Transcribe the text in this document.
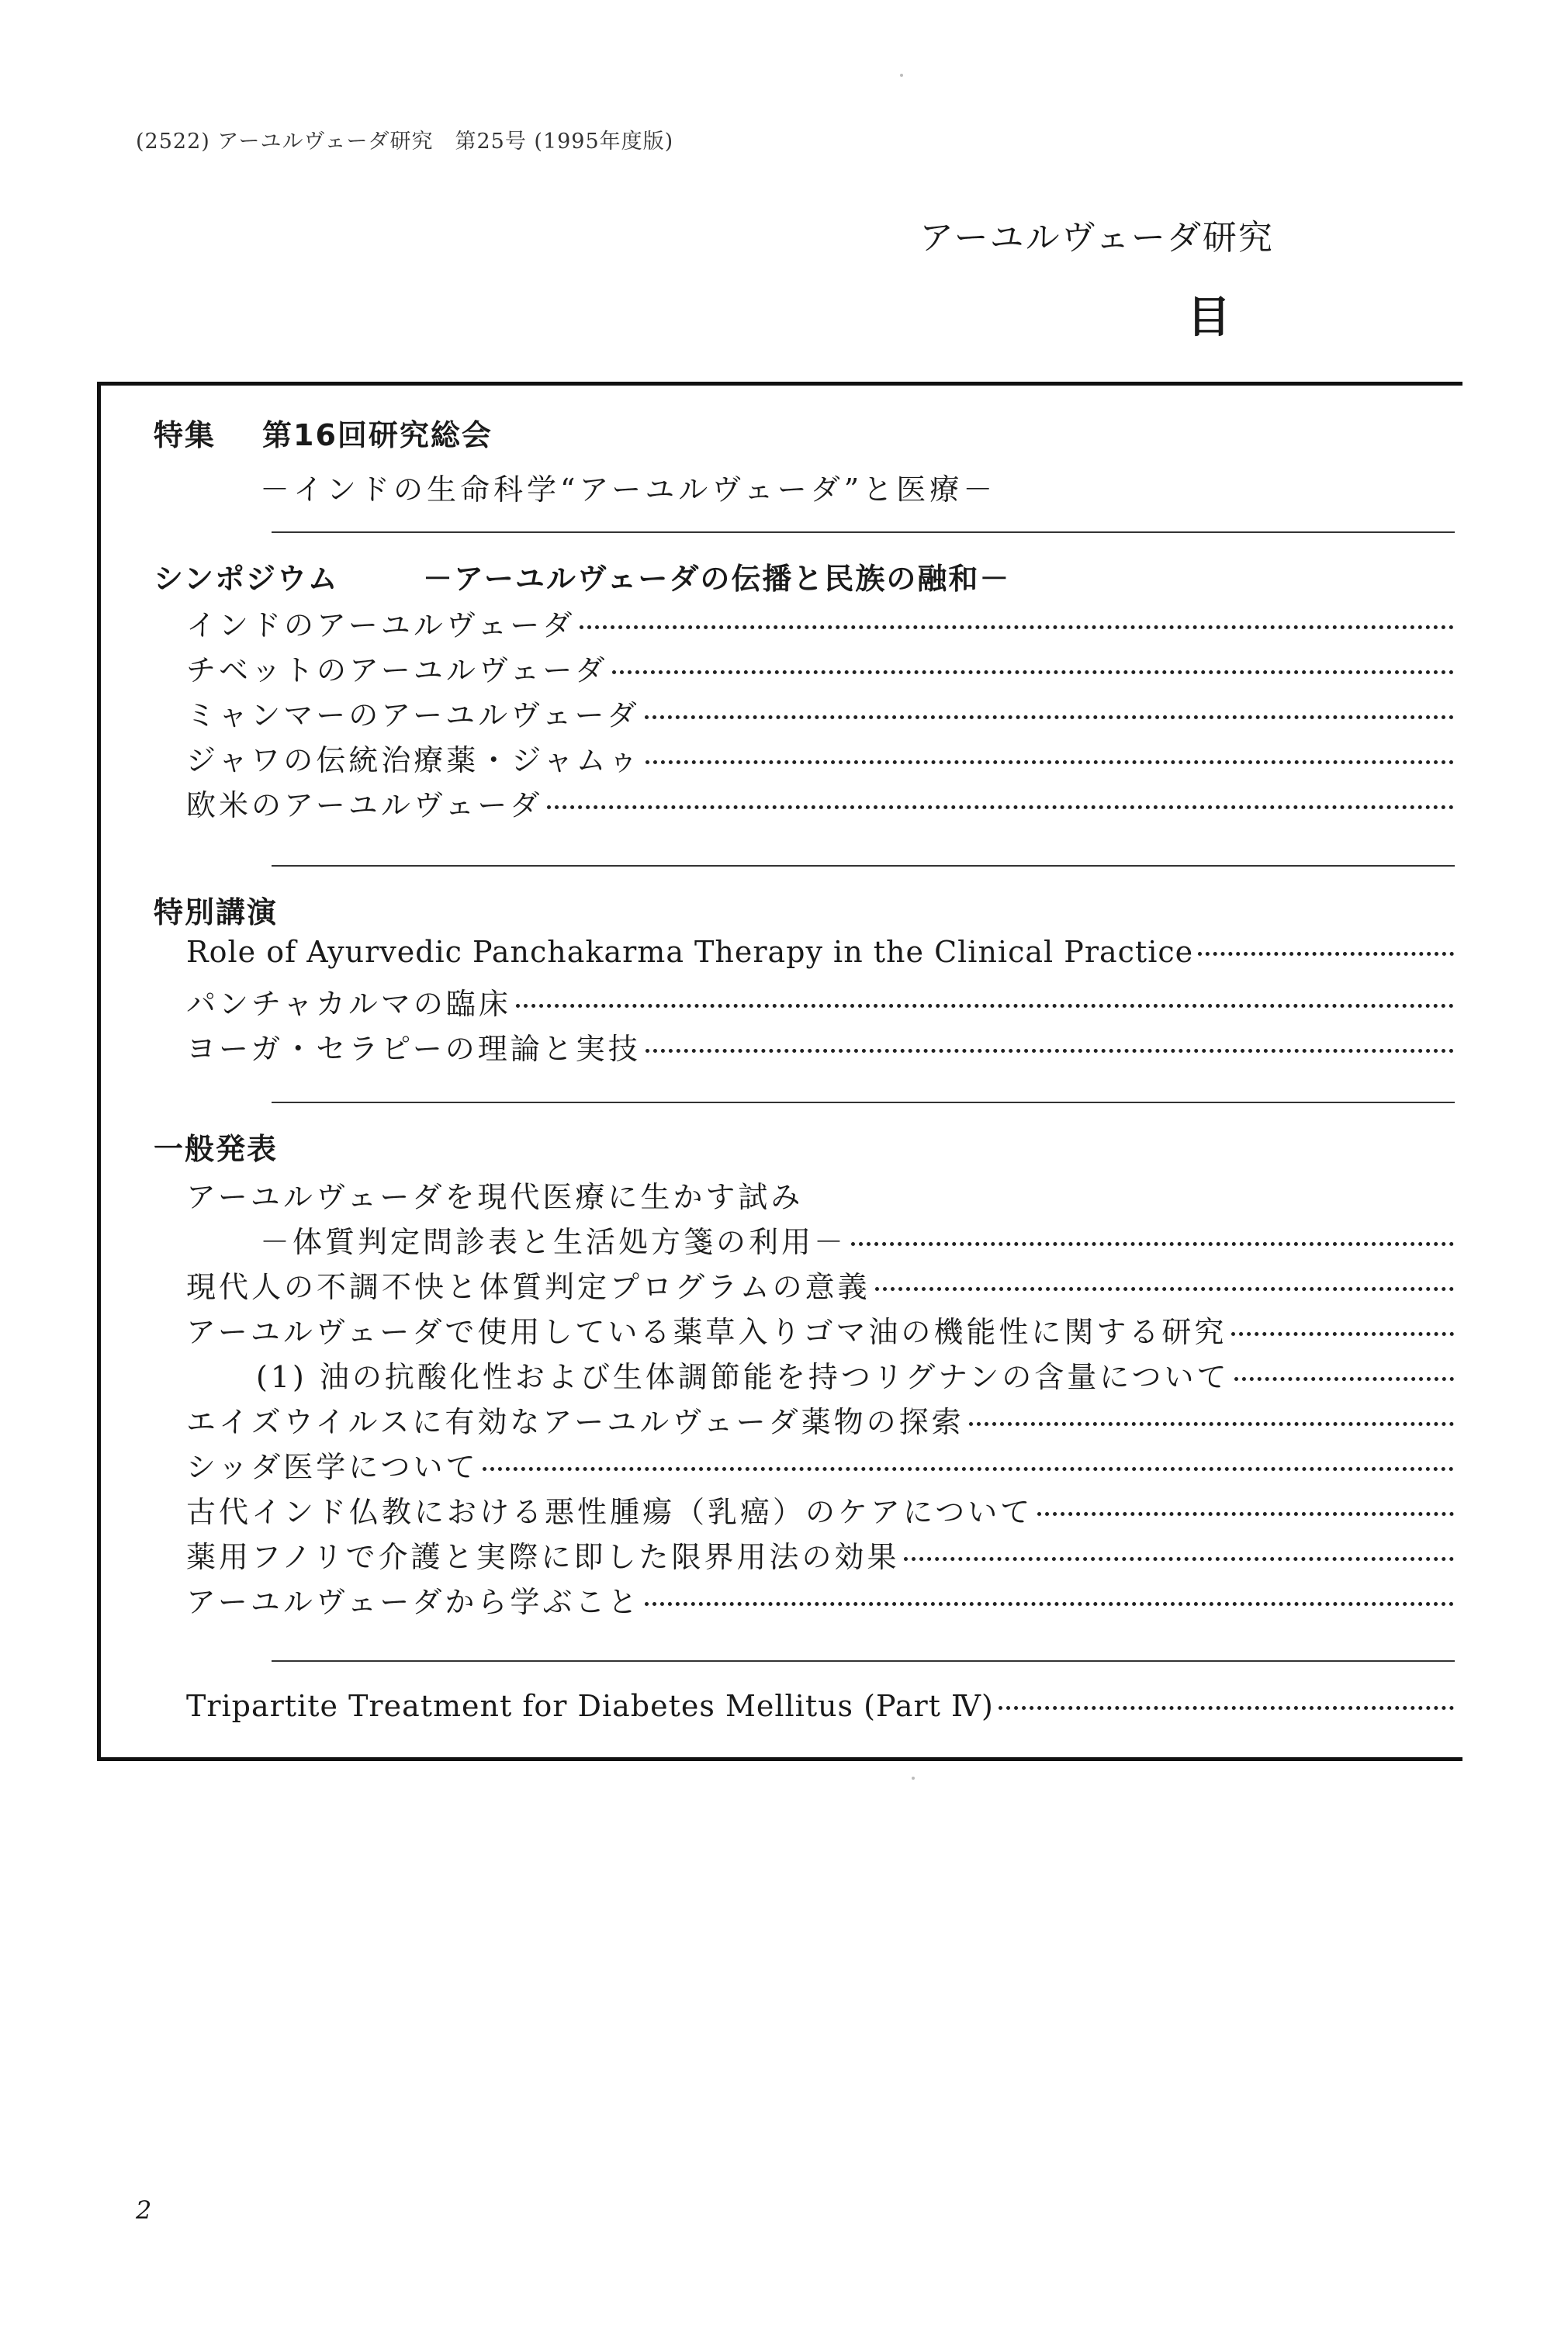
(2522) アーユルヴェーダ研究　第25号 (1995年度版)
アーユルヴェーダ研究
目
特集 第16回研究総会
－インドの生命科学“アーユルヴェーダ”と医療－
シンポジウム	－アーユルヴェーダの伝播と民族の融和－
インドのアーユルヴェーダ
チベットのアーユルヴェーダ
ミャンマーのアーユルヴェーダ
ジャワの伝統治療薬・ジャムゥ
欧米のアーユルヴェーダ
特別講演
Role of Ayurvedic Panchakarma Therapy in the Clinical Practice
パンチャカルマの臨床
ヨーガ・セラピーの理論と実技
一般発表
アーユルヴェーダを現代医療に生かす試み
－体質判定問診表と生活処方箋の利用－
現代人の不調不快と体質判定プログラムの意義
アーユルヴェーダで使用している薬草入りゴマ油の機能性に関する研究
(1) 油の抗酸化性および生体調節能を持つリグナンの含量について
エイズウイルスに有効なアーユルヴェーダ薬物の探索
シッダ医学について
古代インド仏教における悪性腫瘍（乳癌）のケアについて
薬用フノリで介護と実際に即した限界用法の効果
アーユルヴェーダから学ぶこと
Tripartite Treatment for Diabetes Mellitus (Part Ⅳ)
2
